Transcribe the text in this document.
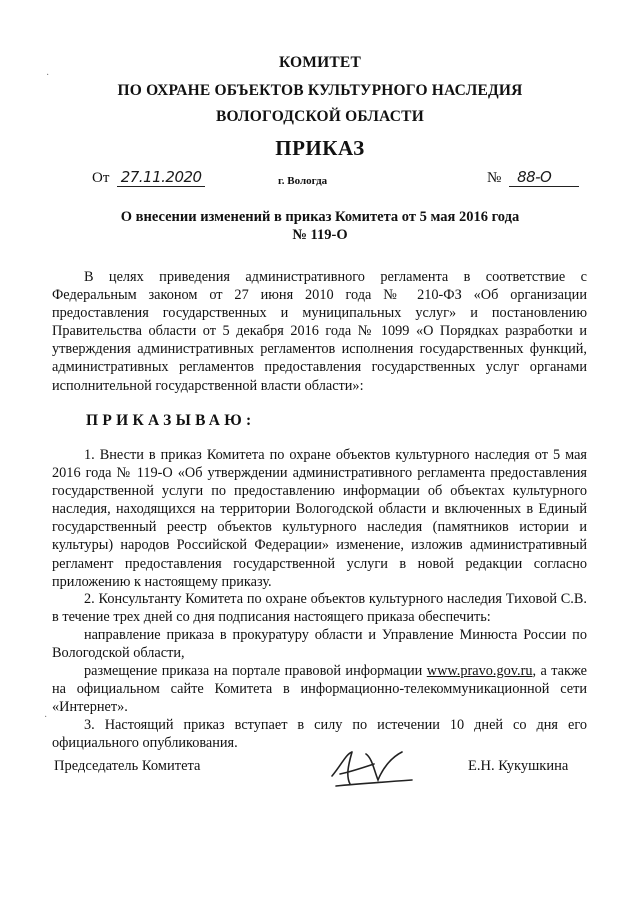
КОМИТЕТ
ПО ОХРАНЕ ОБЪЕКТОВ КУЛЬТУРНОГО НАСЛЕДИЯ
ВОЛОГОДСКОЙ ОБЛАСТИ
ПРИКАЗ
От 27.11.2020	г. Вологда	№ 88-О
О внесении изменений в приказ Комитета от 5 мая 2016 года
№ 119-О
В целях приведения административного регламента в соответствие с Федеральным законом от 27 июня 2010 года № 210-ФЗ «Об организации предоставления государственных и муниципальных услуг» и постановлению Правительства области от 5 декабря 2016 года № 1099 «О Порядках разработки и утверждения административных регламентов исполнения государственных функций, административных регламентов предоставления государственных услуг органами исполнительной государственной власти области»:
ПРИКАЗЫВАЮ:
1. Внести в приказ Комитета по охране объектов культурного наследия от 5 мая 2016 года № 119-О «Об утверждении административного регламента предоставления государственной услуги по предоставлению информации об объектах культурного наследия, находящихся на территории Вологодской области и включенных в Единый государственный реестр объектов культурного наследия (памятников истории и культуры) народов Российской Федерации» изменение, изложив административный регламент предоставления государственной услуги в новой редакции согласно приложению к настоящему приказу.
2. Консультанту Комитета по охране объектов культурного наследия Тиховой С.В. в течение трех дней со дня подписания настоящего приказа обеспечить:
направление приказа в прокуратуру области и Управление Минюста России по Вологодской области,
размещение приказа на портале правовой информации www.pravo.gov.ru, а также на официальном сайте Комитета в информационно-телекоммуникационной сети «Интернет».
3. Настоящий приказ вступает в силу по истечении 10 дней со дня его официального опубликования.
Председатель Комитета	Е.Н. Кукушкина
·
·
